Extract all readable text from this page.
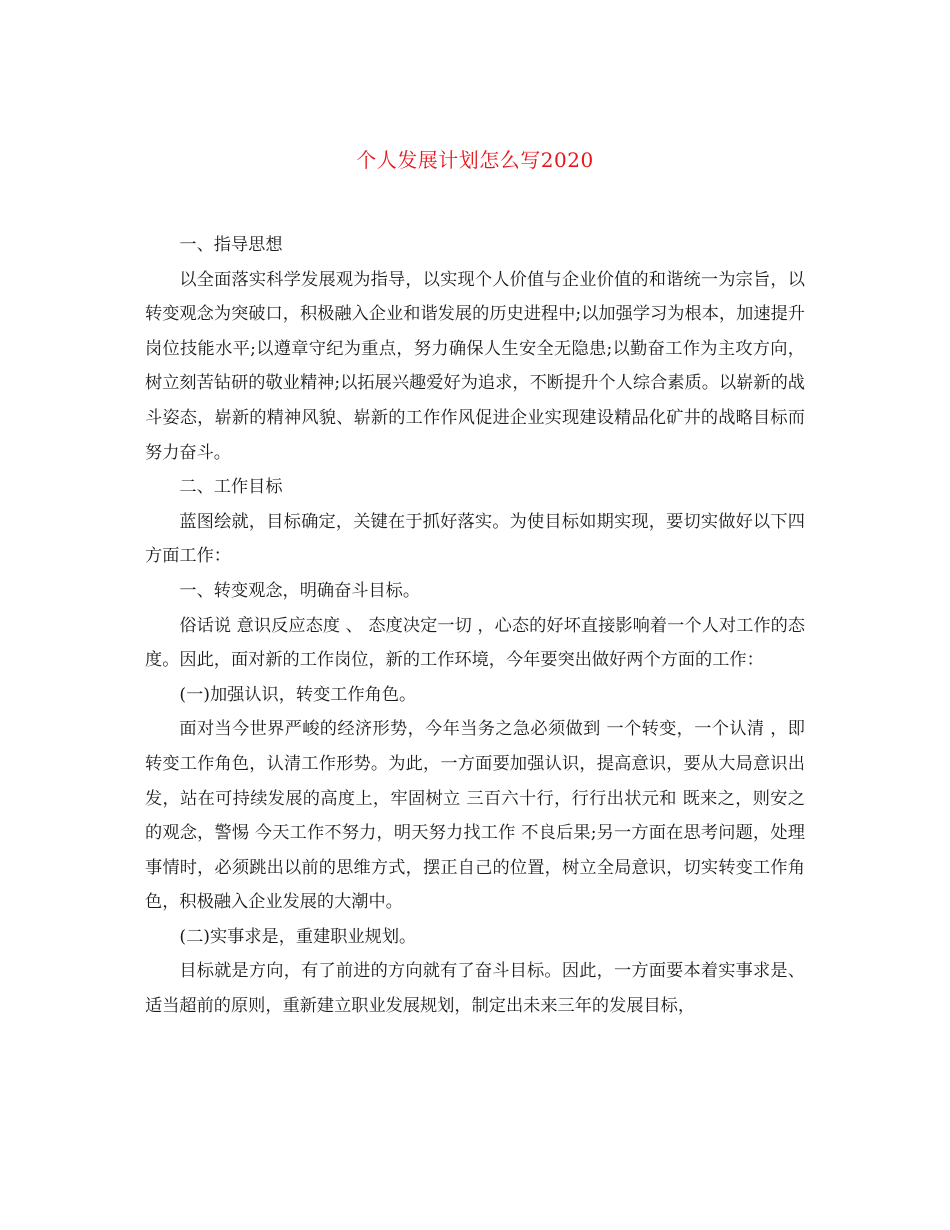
个人发展计划怎么写2020

一、指导思想

以全面落实科学发展观为指导，以实现个人价值与企业价值的和谐统一为宗旨，以转变观念为突破口，积极融入企业和谐发展的历史进程中;以加强学习为根本，加速提升岗位技能水平;以遵章守纪为重点，努力确保人生安全无隐患;以勤奋工作为主攻方向，树立刻苦钻研的敬业精神;以拓展兴趣爱好为追求，不断提升个人综合素质。以崭新的战斗姿态，崭新的精神风貌、崭新的工作作风促进企业实现建设精品化矿井的战略目标而努力奋斗。

二、工作目标

蓝图绘就，目标确定，关键在于抓好落实。为使目标如期实现，要切实做好以下四方面工作：

一、转变观念，明确奋斗目标。

俗话说 意识反应态度 、 态度决定一切 ，心态的好坏直接影响着一个人对工作的态度。因此，面对新的工作岗位，新的工作环境，今年要突出做好两个方面的工作：

(一)加强认识，转变工作角色。

面对当今世界严峻的经济形势，今年当务之急必须做到 一个转变，一个认清 ，即转变工作角色，认清工作形势。为此，一方面要加强认识，提高意识，要从大局意识出发，站在可持续发展的高度上，牢固树立 三百六十行，行行出状元和 既来之，则安之 的观念，警惕 今天工作不努力，明天努力找工作 不良后果;另一方面在思考问题，处理事情时，必须跳出以前的思维方式，摆正自己的位置，树立全局意识，切实转变工作角色，积极融入企业发展的大潮中。

(二)实事求是，重建职业规划。

目标就是方向，有了前进的方向就有了奋斗目标。因此，一方面要本着实事求是、适当超前的原则，重新建立职业发展规划，制定出未来三年的发展目标，
